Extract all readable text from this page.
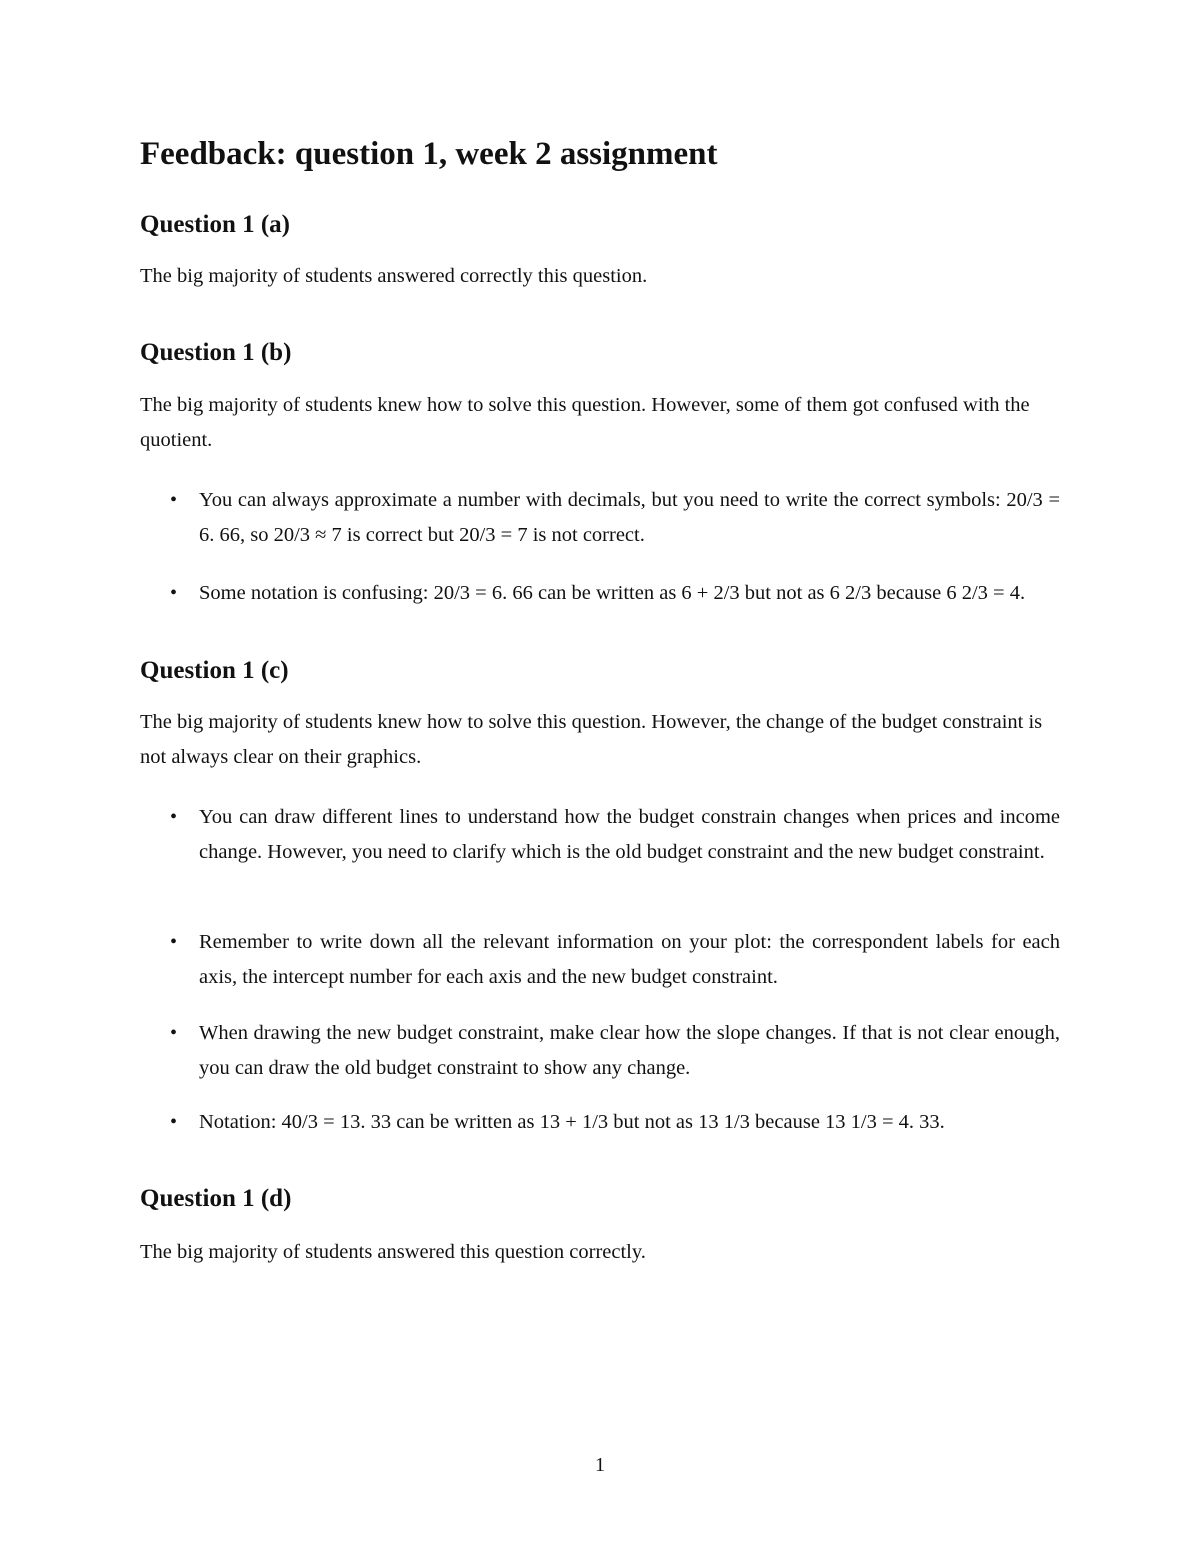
Feedback: question 1, week 2 assignment
Question 1 (a)

The big majority of students answered correctly this question.

Question 1 (b)

The big majority of students knew how to solve this question. However, some of them got confused with the quotient.

•	You can always approximate a number with decimals, but you need to write the correct symbols: 20/3 = 6. 66, so 20/3 ≈ 7 is correct but 20/3 = 7 is not correct.

•	Some notation is confusing: 20/3 = 6. 66 can be written as 6 + 2/3 but not as 6 2/3 because 6 2/3 = 4.

Question 1 (c)

The big majority of students knew how to solve this question. However, the change of the budget constraint is not always clear on their graphics.

•	You can draw different lines to understand how the budget constrain changes when prices and income change. However, you need to clarify which is the old budget constraint and the new budget constraint.

•	Remember to write down all the relevant information on your plot: the correspondent labels for each axis, the intercept number for each axis and the new budget constraint.

•	When drawing the new budget constraint, make clear how the slope changes. If that is not clear enough, you can draw the old budget constraint to show any change.

•	Notation: 40/3 = 13. 33 can be written as 13 + 1/3 but not as 13 1/3 because 13 1/3 = 4. 33.

Question 1 (d)

The big majority of students answered this question correctly.

1
